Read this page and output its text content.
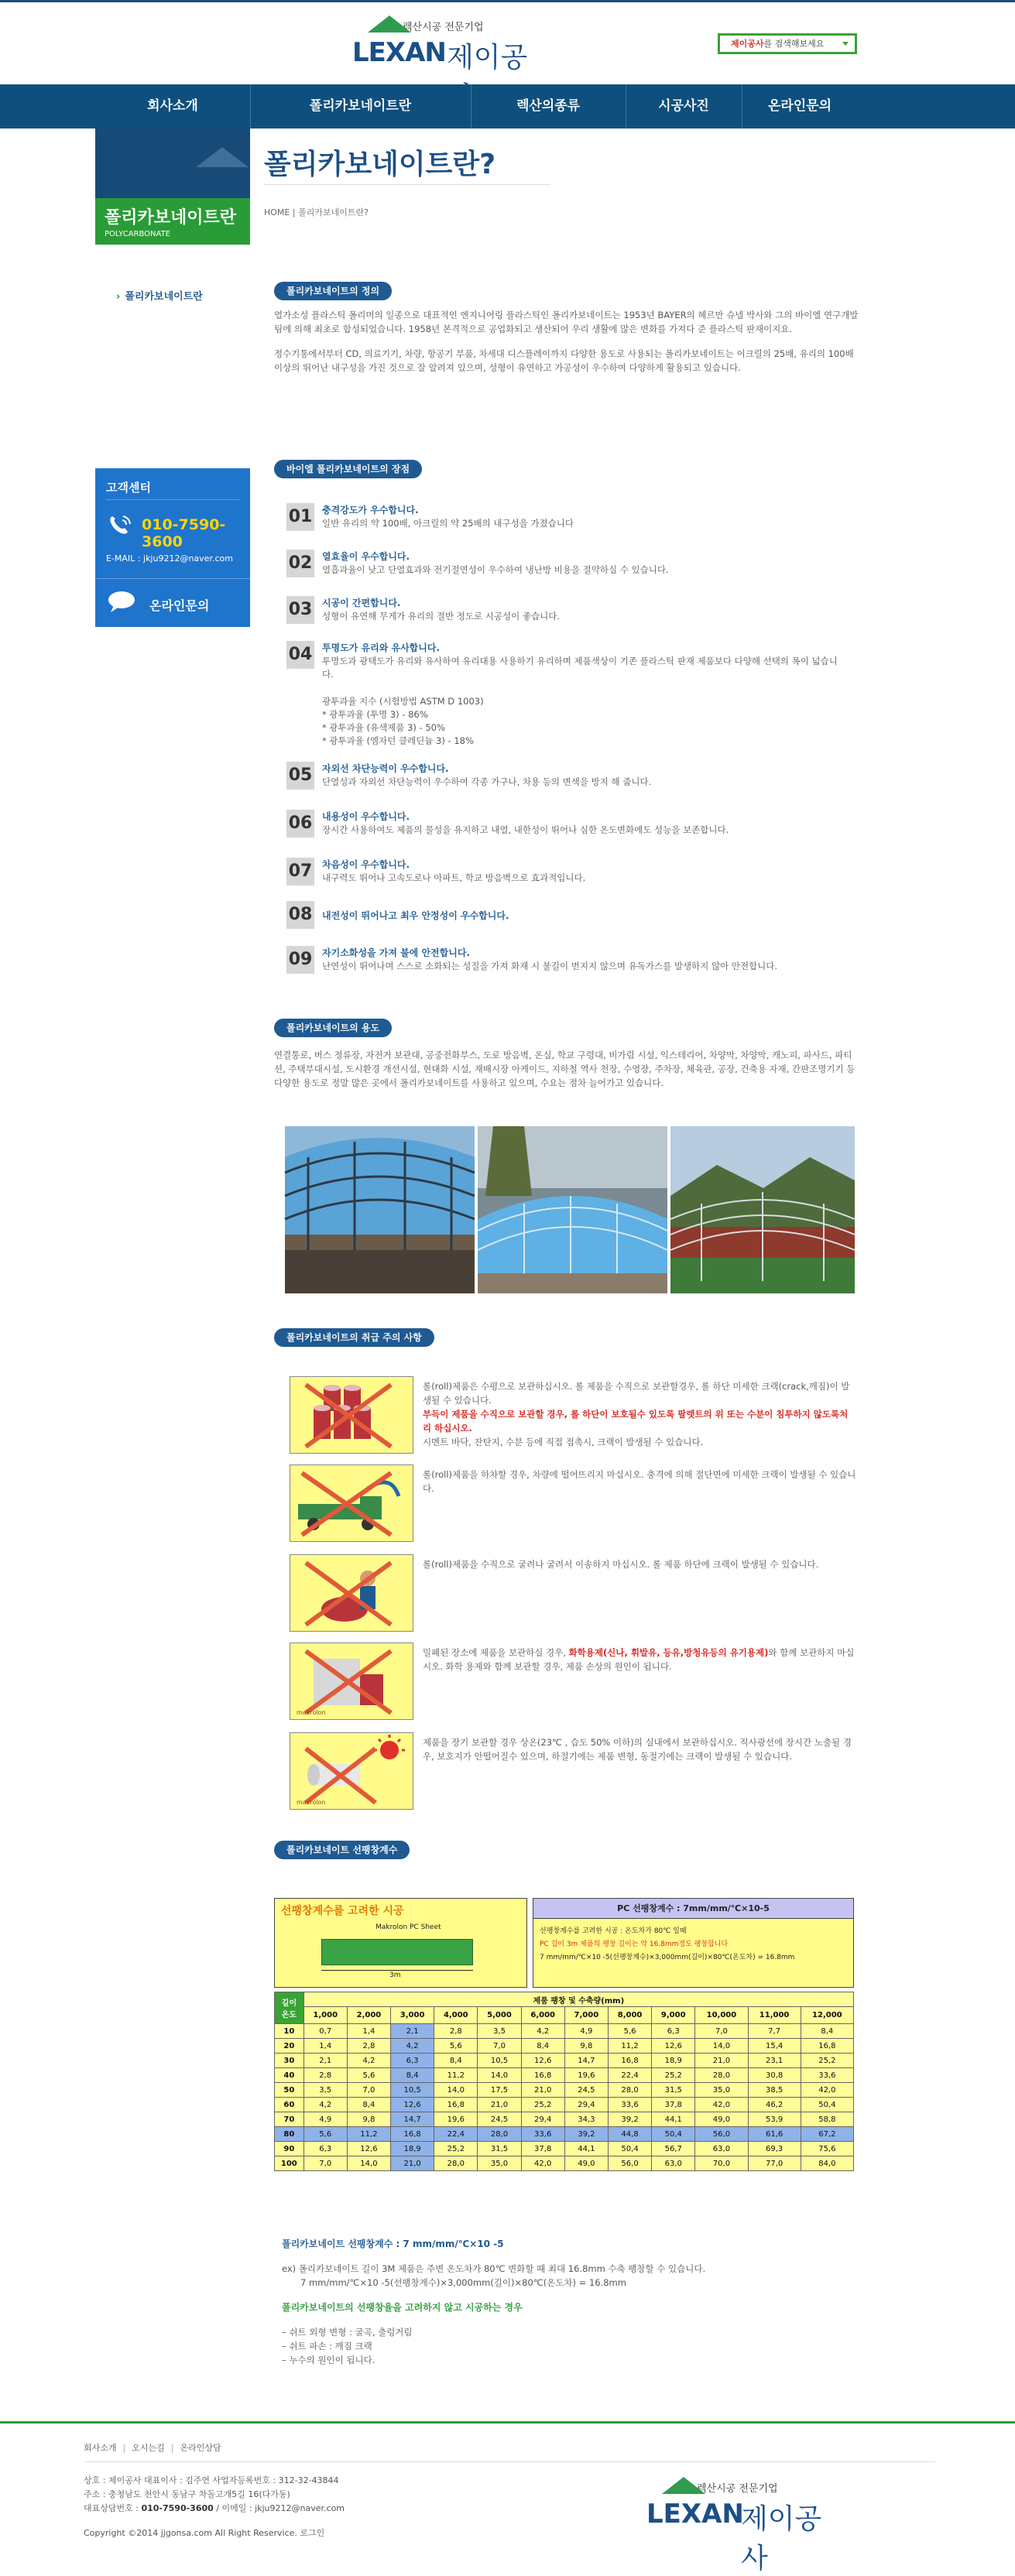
렉산시공 전문기업
LEXAN 제이공	제이공사를 검색해보세요
회사소개	폴리카보네이트란	렉산의종류	시공사진	온라인문의
폴리카보네이트란
POLYCARBONATE
› 폴리카보네이트란
고객센터
010-7590-3600
E-MAIL : jkju9212@naver.com
온라인문의
폴리카보네이트란?
HOME | 폴리카보네이트란?
폴리카보네이트의 정의
열가소성 플라스틱 폴리머의 일종으로 대표적인 엔지니어링 플라스틱인 폴리카보네이트는 1953년 BAYER의 헤르만 슈넬 박사와 그의 바이엘 연구개발팀에 의해 최초로 합성되었습니다. 1958년 본격적으로 공업화되고 생산되어 우리 생활에 많은 변화를 가져다 준 플라스틱 판재이지요.
정수기통에서부터 CD, 의료기기, 차량, 항공기 부품, 차세대 디스플레이까지 다양한 용도로 사용되는 폴리카보네이트는 이크릴의 25배, 유리의 100배 이상의 뛰어난 내구성을 가진 것으로 잘 알려져 있으며, 성형이 유연하고 가공성이 우수하여 다양하게 활용되고 있습니다.
바이엘 폴리카보네이트의 장점
01 충격강도가 우수합니다.
일반 유리의 약 100배, 아크릴의 약 25배의 내구성을 가졌습니다
02 열효율이 우수합니다.
열흡과율이 낮고 단열효과와 전기절연성이 우수하여 냉난방 비용을 절약하실 수 있습니다.
03 시공이 간편합니다.
성형이 유연해 무게가 유리의 절반 정도로 시공성이 좋습니다.
04 투명도가 유리와 유사합니다.
투명도과 광택도가 유리와 유사하여 유리대용 사용하기 유리하며 제품색상이 기존 플라스틱 판재 제품보다 다양해 선택의 폭이 넓습니다.
광투과율 지수 (시험방법 ASTM D 1003)
* 광투과율 (투명 3) - 86%
* 광투과율 (유색제품 3) - 50%
* 광투과율 (엠자던 클레딘늄 3) - 18%
05 자외선 차단능력이 우수합니다.
단열성과 자외선 차단능력이 우수하여 각종 가구나, 차용 등의 변색을 방지 해 줍니다.
06 내용성이 우수합니다.
장시간 사용하여도 제품의 물성을 유지하고 내열, 내한성이 뛰어나 심한 온도변화에도 성능을 보존합니다.
07 차음성이 우수합니다.
내구력도 뛰어나 고속도로나 아파트, 학교 방음벽으로 효과적입니다.
08 내전성이 뛰어나고 최우 안정성이 우수합니다.
09 자기소화성을 가져 불에 안전합니다.
난연성이 뛰어나며 스스로 소화되는 성질을 가져 화재 시 불길이 번지지 않으며 유독가스를 발생하지 않아 안전합니다.
폴리카보네이트의 용도
연결통로, 버스 정류장, 자전거 보관대, 공중전화부스, 도로 방음벽, 온실, 학교 구령대, 비가림 시설, 익스테리어, 차양막, 차양막, 캐노피, 파사드, 파티션, 주택부대시설, 도시환경 개선시설, 현대화 시설, 재배시장 아케이드, 지하철 역사 천장, 수영장, 주차장, 체육관, 공장, 건축용 자재, 간판조명기기 등 다양한 용도로 정말 많은 곳에서 폴리카보네이트를 사용하고 있으며, 수요는 점차 늘어가고 있습니다.
폴리카보네이트의 취급 주의 사항
롤(roll)제품은 수평으로 보관하십시오. 롤 제품을 수직으로 보관할경우, 롤 하단 미세한 크랙(crack,깨짐)이 발생될 수 있습니다.
부득이 제품을 수직으로 보관할 경우, 롤 하단이 보호될수 있도록 팔렛트의 위 또는 수분이 침투하지 않도록처리 하십시오.
시멘트 바닥, 잔탄지, 수분 등에 직접 접촉시, 크랙이 발생될 수 있습니다.
롤(roll)제품을 하차할 경우, 차량에 떨어뜨리지 마십시오. 충격에 의해 절단면에 미세한 크랙이 발생될 수 있습니다.
롤(roll)제품을 수직으로 굴려나 굴려서 이송하지 마십시오. 롤 제품 하단에 크랙이 발생될 수 있습니다.
makrolon
밀폐된 장소에 제품을 보관하실 경우, 화학용제(신나, 휘발유, 등유,방청유등의 유기용제)와 함께 보관하지 마십시오. 화학 용제와 함께 보관할 경우, 제품 손상의 원인이 됩니다.
makrolon
제품을 장기 보관할 경우 상온(23℃ , 습도 50% 이하)의 실내에서 보관하십시오. 직사광선에 장시간 노출될 경우, 보호지가 안떨어질수 있으며, 하절기에는 제품 변형, 동절기에는 크랙이 발생될 수 있습니다.
폴리카보네이트 선팽창계수
선팽창계수를 고려한 시공
Makrolon PC Sheet
3m
PC 선팽창계수 : 7mm/mm/℃×10-5
선팽창계수를 고려한 시공 : 온도차가 80℃ 일때
PC 길이 3m 제품의 팽창 길이는 약 16.8mm정도 팽창합니다
7 mm/mm/℃×10 -5(선팽창계수)×3,000mm(길이)×80℃(온도차) = 16.8mm
길이
온도	제품 팽창 및 수축량(mm)											
	1,000	2,000	3,000	4,000	5,000	6,000	7,000	8,000	9,000	10,000	11,000	12,000
10	0,7	1,4	2,1	2,8	3,5	4,2	4,9	5,6	6,3	7,0	7,7	8,4
20	1,4	2,8	4,2	5,6	7,0	8,4	9,8	11,2	12,6	14,0	15,4	16,8
30	2,1	4,2	6,3	8,4	10,5	12,6	14,7	16,8	18,9	21,0	23,1	25,2
40	2,8	5,6	8,4	11,2	14,0	16,8	19,6	22,4	25,2	28,0	30,8	33,6
50	3,5	7,0	10,5	14,0	17,5	21,0	24,5	28,0	31,5	35,0	38,5	42,0
60	4,2	8,4	12,6	16,8	21,0	25,2	29,4	33,6	37,8	42,0	46,2	50,4
70	4,9	9,8	14,7	19,6	24,5	29,4	34,3	39,2	44,1	49,0	53,9	58,8
80	5,6	11,2	16,8	22,4	28,0	33,6	39,2	44,8	50,4	56,0	61,6	67,2
90	6,3	12,6	18,9	25,2	31,5	37,8	44,1	50,4	56,7	63,0	69,3	75,6
100	7,0	14,0	21,0	28,0	35,0	42,0	49,0	56,0	63,0	70,0	77,0	84,0
폴리카보네이트 선팽창계수 : 7 mm/mm/℃×10 -5
ex) 폴리카보네이트 길이 3M 제품은 주변 온도차가 80℃ 변화할 때 최대 16.8mm 수축 팽창할 수 있습니다.
7 mm/mm/℃×10 -5(선팽창계수)×3,000mm(길이)×80℃(온도차) = 16.8mm
폴리카보네이트의 선팽창율을 고려하지 않고 시공하는 경우
– 쉬트 외형 변형 : 굴곡, 출렁거림
– 쉬트 파손 : 깨짐 크랙
– 누수의 원인이 됩니다.
회사소개 | 오시는길 | 온라인상담
상호 : 제이공사 대표이사 : 김주연 사업자등록번호 : 312-32-43844
주소 : 충청남도 천안시 동남구 차돌고개5길 16(다가동)
대표상담번호 : 010-7590-3600 / 이메일 : jkju9212@naver.com
Copyright ©2014 jjgonsa.com All Right Reservice. 로그인
렉산시공 전문기업
LEXAN
제이공사
